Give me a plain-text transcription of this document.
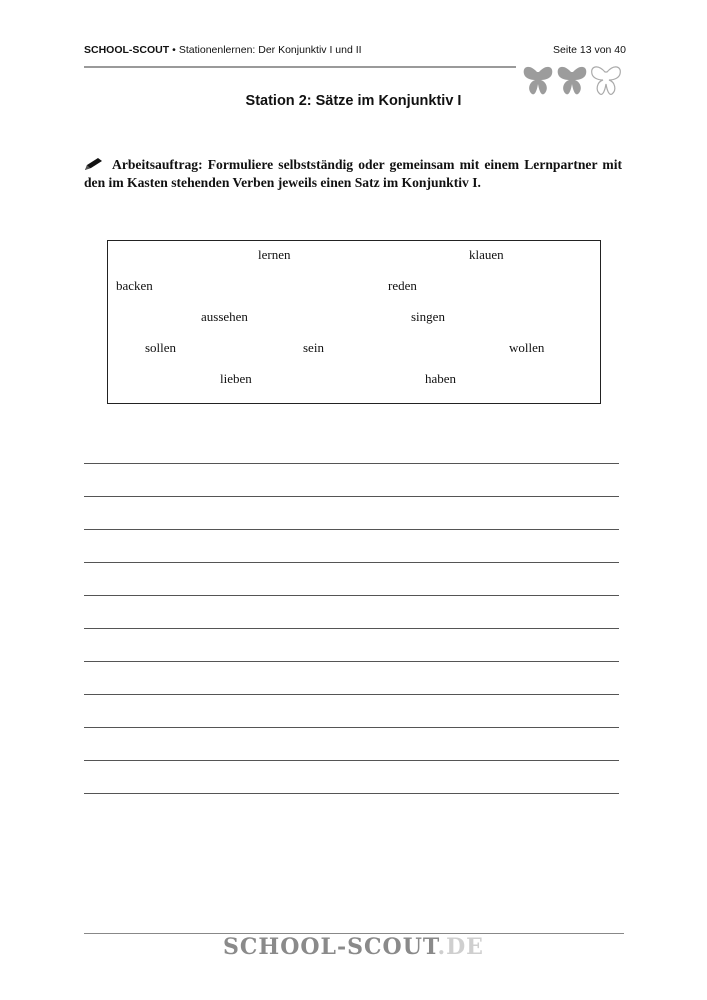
SCHOOL-SCOUT • Stationenlernen: Der Konjunktiv I und II	Seite 13 von 40
Station 2: Sätze im Konjunktiv I
Arbeitsauftrag: Formuliere selbstständig oder gemeinsam mit einem Lernpartner mit den im Kasten stehenden Verben jeweils einen Satz im Konjunktiv I.
lernen	klauen
backen	reden
aussehen	singen
sollen	sein	wollen
lieben	haben
SCHOOL-SCOUT.DE
